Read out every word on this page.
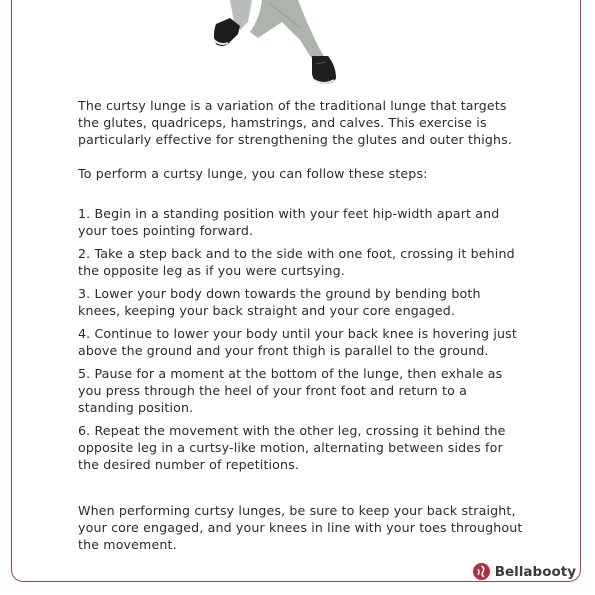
The curtsy lunge is a variation of the traditional lunge that targets the glutes, quadriceps, hamstrings, and calves. This exercise is particularly effective for strengthening the glutes and outer thighs.

To perform a curtsy lunge, you can follow these steps:

1. Begin in a standing position with your feet hip-width apart and your toes pointing forward.
2. Take a step back and to the side with one foot, crossing it behind the opposite leg as if you were curtsying.
3. Lower your body down towards the ground by bending both knees, keeping your back straight and your core engaged.
4. Continue to lower your body until your back knee is hovering just above the ground and your front thigh is parallel to the ground.
5. Pause for a moment at the bottom of the lunge, then exhale as you press through the heel of your front foot and return to a standing position.
6. Repeat the movement with the other leg, crossing it behind the opposite leg in a curtsy-like motion, alternating between sides for the desired number of repetitions.

When performing curtsy lunges, be sure to keep your back straight, your core engaged, and your knees in line with your toes throughout the movement.

Bellabooty
